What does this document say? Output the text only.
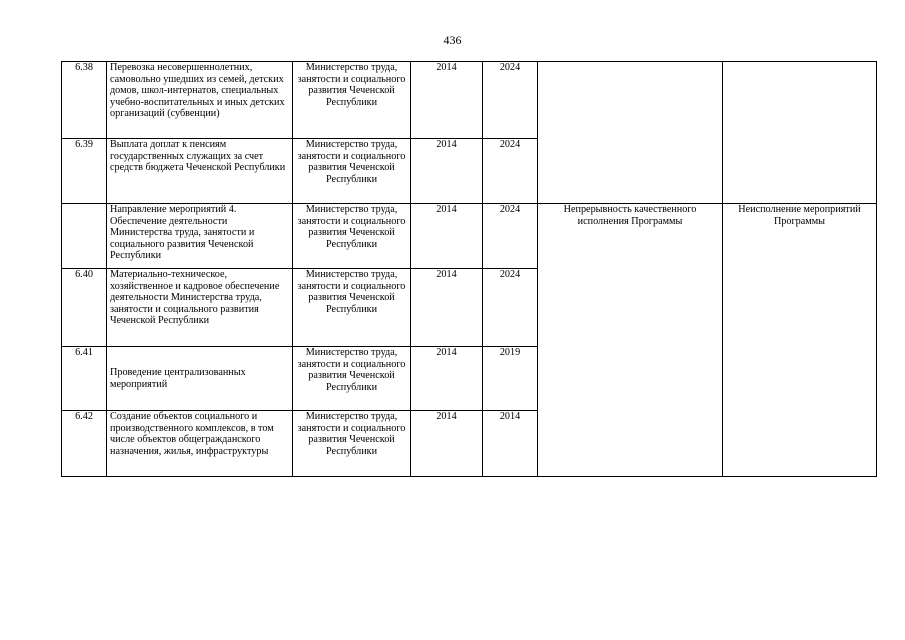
436
6.38	Перевозка несовершеннолетних, самовольно ушедших из семей, детских домов, школ-интернатов, специальных учебно-воспитательных и иных детских организаций (субвенции)	Министерство труда, занятости и социального развития Чеченской Республики	2014	2024		
6.39	Выплата доплат к пенсиям государственных служащих за счет средств бюджета Чеченской Республики	Министерство труда, занятости и социального развития Чеченской Республики	2014	2024		
	Направление мероприятий 4. Обеспечение деятельности Министерства труда, занятости и социального развития Чеченской Республики	Министерство труда, занятости и социального развития Чеченской Республики	2014	2024	Непрерывность качественного исполнения Программы	Неисполнение мероприятий Программы
6.40	Материально-техническое, хозяйственное и кадровое обеспечение деятельности Министерства труда, занятости и социального развития Чеченской Республики	Министерство труда, занятости и социального развития Чеченской Республики	2014	2024		
6.41	Проведение централизованных мероприятий	Министерство труда, занятости и социального развития Чеченской Республики	2014	2019		
6.42	Создание объектов социального и производственного комплексов, в том числе объектов общегражданского назначения, жилья, инфраструктуры	Министерство труда, занятости и социального развития Чеченской Республики	2014	2014		
